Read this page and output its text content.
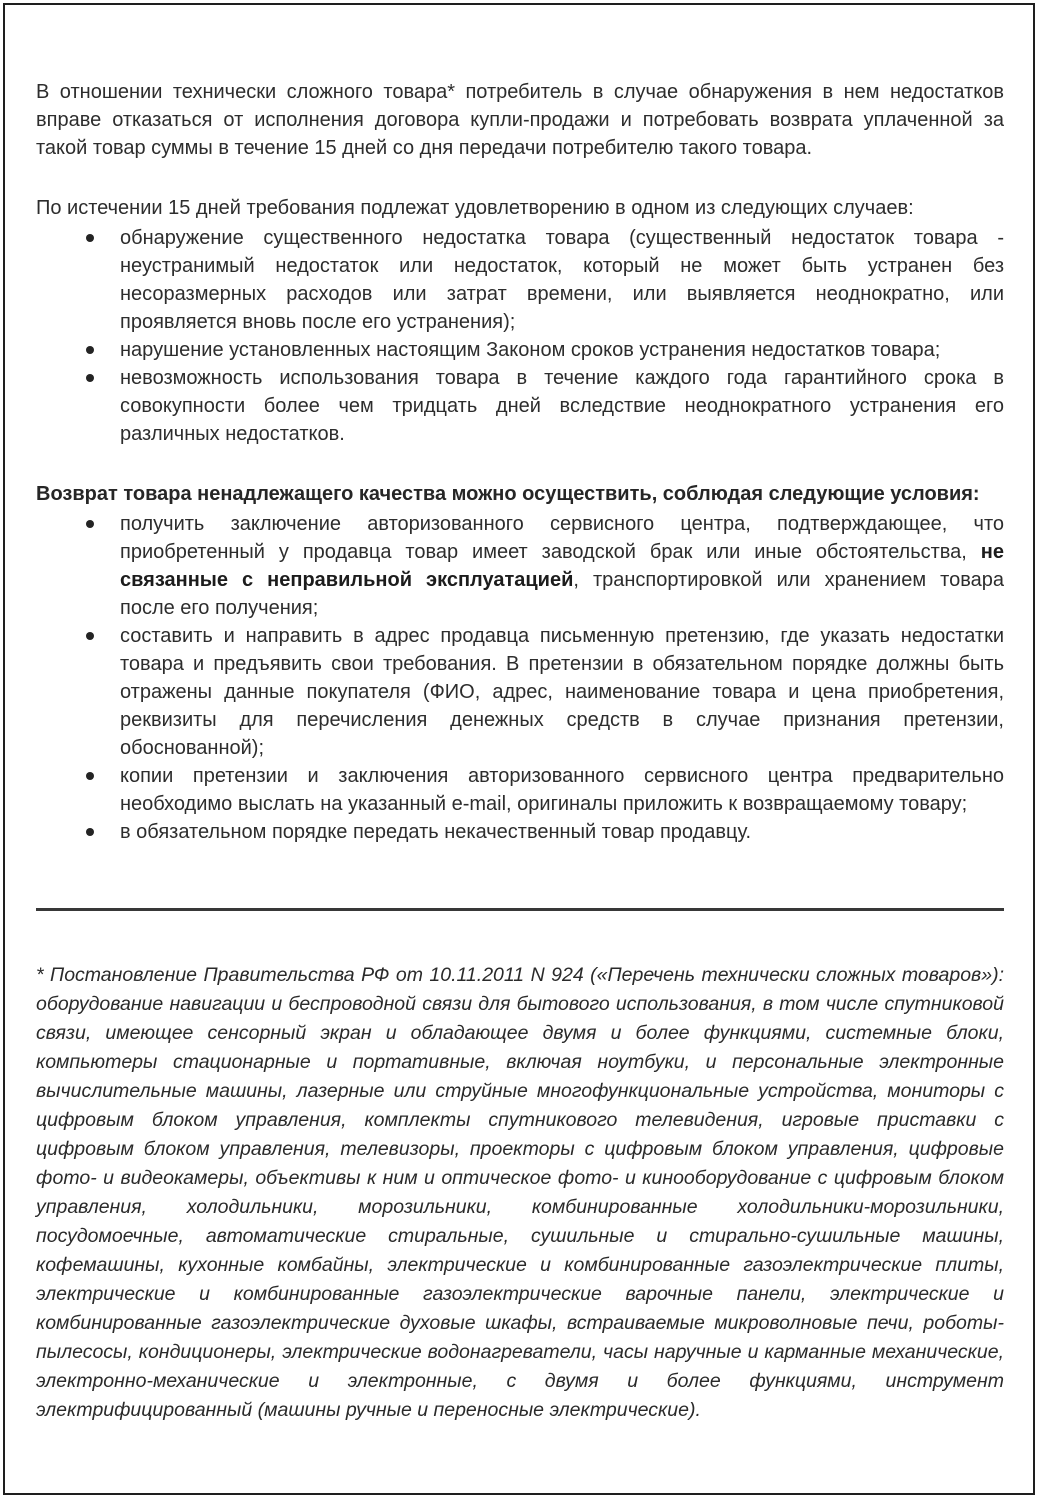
В отношении технически сложного товара* потребитель в случае обнаружения в нем недостатков вправе отказаться от исполнения договора купли-продажи и потребовать возврата уплаченной за такой товар суммы в течение 15 дней со дня передачи потребителю такого товара.

По истечении 15 дней требования подлежат удовлетворению в одном из следующих случаев:

обнаружение существенного недостатка товара (существенный недостаток товара - неустранимый недостаток или недостаток, который не может быть устранен без несоразмерных расходов или затрат времени, или выявляется неоднократно, или проявляется вновь после его устранения);
нарушение установленных настоящим Законом сроков устранения недостатков товара;
невозможность использования товара в течение каждого года гарантийного срока в совокупности более чем тридцать дней вследствие неоднократного устранения его различных недостатков.

Возврат товара ненадлежащего качества можно осуществить, соблюдая следующие условия:

получить заключение авторизованного сервисного центра, подтверждающее, что приобретенный у продавца товар имеет заводской брак или иные обстоятельства, не связанные с неправильной эксплуатацией, транспортировкой или хранением товара после его получения;
составить и направить в адрес продавца письменную претензию, где указать недостатки товара и предъявить свои требования. В претензии в обязательном порядке должны быть отражены данные покупателя (ФИО, адрес, наименование товара и цена приобретения, реквизиты для перечисления денежных средств в случае признания претензии, обоснованной);
копии претензии и заключения авторизованного сервисного центра предварительно необходимо выслать на указанный e-mail, оригиналы приложить к возвращаемому товару;
в обязательном порядке передать некачественный товар продавцу.

* Постановление Правительства РФ от 10.11.2011 N 924 («Перечень технически сложных товаров»): оборудование навигации и беспроводной связи для бытового использования, в том числе спутниковой связи, имеющее сенсорный экран и обладающее двумя и более функциями, системные блоки, компьютеры стационарные и портативные, включая ноутбуки, и персональные электронные вычислительные машины, лазерные или струйные многофункциональные устройства, мониторы с цифровым блоком управления, комплекты спутникового телевидения, игровые приставки с цифровым блоком управления, телевизоры, проекторы с цифровым блоком управления, цифровые фото- и видеокамеры, объективы к ним и оптическое фото- и кинооборудование с цифровым блоком управления, холодильники, морозильники, комбинированные холодильники-морозильники, посудомоечные, автоматические стиральные, сушильные и стирально-сушильные машины, кофемашины, кухонные комбайны, электрические и комбинированные газоэлектрические плиты, электрические и комбинированные газоэлектрические варочные панели, электрические и комбинированные газоэлектрические духовые шкафы, встраиваемые микроволновые печи, роботы-пылесосы, кондиционеры, электрические водонагреватели, часы наручные и карманные механические, электронно-механические и электронные, с двумя и более функциями, инструмент электрифицированный (машины ручные и переносные электрические).
